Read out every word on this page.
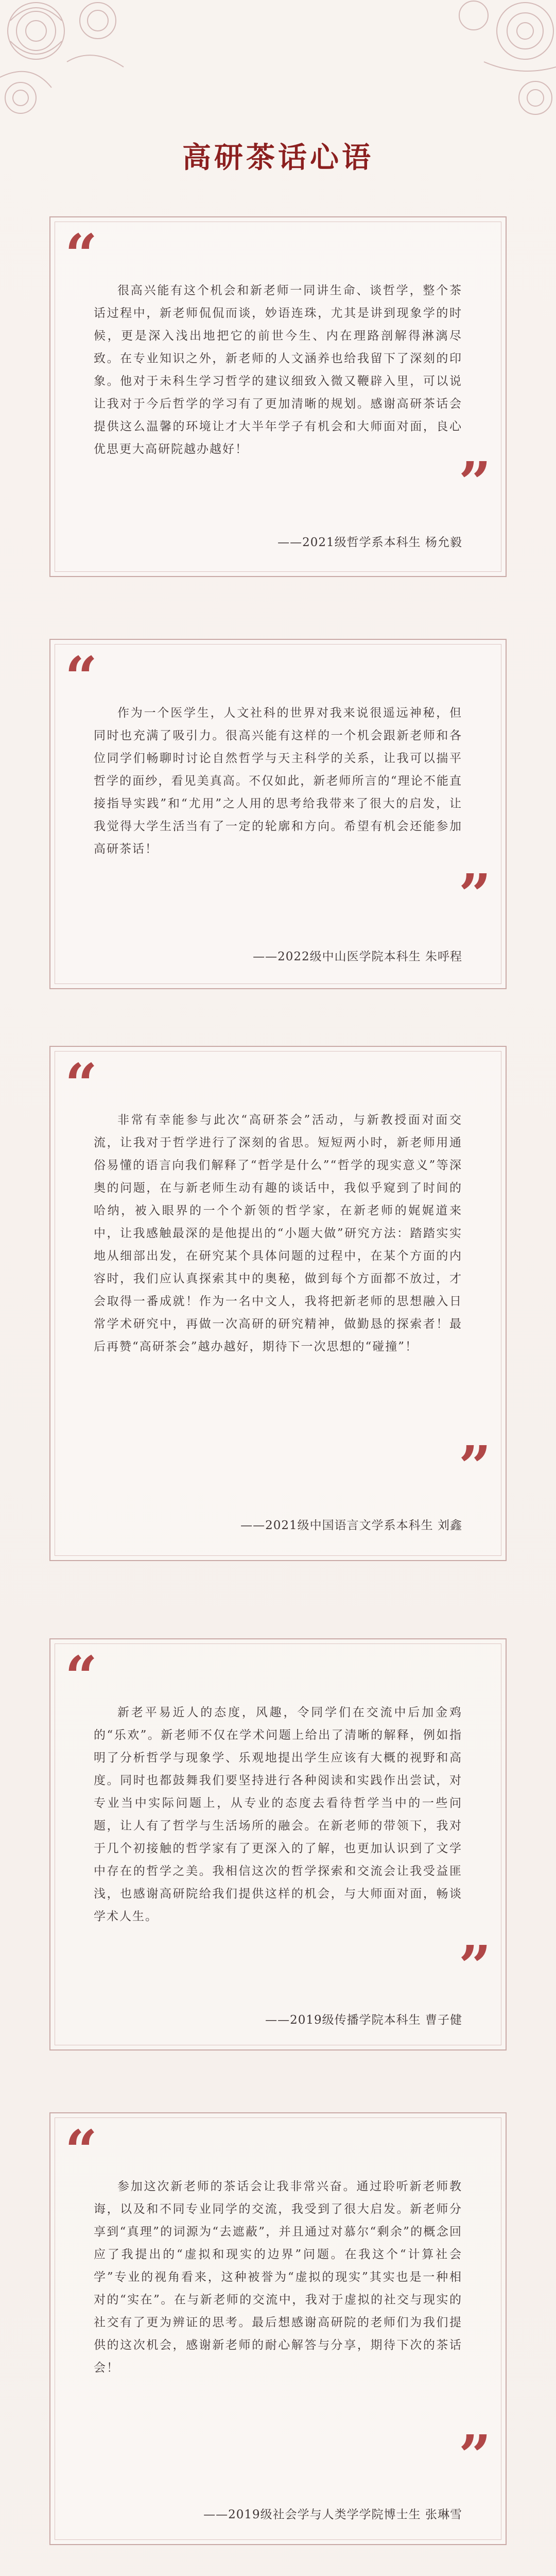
高研茶话心语
“
很高兴能有这个机会和新老师一同讲生命、谈哲学，整个茶话过程中，新老师侃侃而谈，妙语连珠，尤其是讲到现象学的时候，更是深入浅出地把它的前世今生、内在理路剖解得淋漓尽致。在专业知识之外，新老师的人文涵养也给我留下了深刻的印象。他对于未科生学习哲学的建议细致入微又鞭辟入里，可以说让我对于今后哲学的学习有了更加清晰的规划。感谢高研茶话会提供这么温馨的环境让才大半年学子有机会和大师面对面，良心优思更大高研院越办越好！	”
——2021级哲学系本科生 杨允毅
“
作为一个医学生，人文社科的世界对我来说很遥远神秘，但同时也充满了吸引力。很高兴能有这样的一个机会跟新老师和各位同学们畅聊时讨论自然哲学与天主科学的关系，让我可以揣平哲学的面纱，看见美真高。不仅如此，新老师所言的“理论不能直接指导实践”和“尤用”之人用的思考给我带来了很大的启发，让我觉得大学生活当有了一定的轮廓和方向。希望有机会还能参加高研茶话！
”
——2022级中山医学院本科生 朱呼程
“
非常有幸能参与此次“高研茶会”活动，与新教授面对面交流，让我对于哲学进行了深刻的省思。短短两小时，新老师用通俗易懂的语言向我们解释了“哲学是什么”“哲学的现实意义”等深奥的问题，在与新老师生动有趣的谈话中，我似乎窥到了时间的哈纳，被入眼界的一个个新领的哲学家，在新老师的娓娓道来中，让我感触最深的是他提出的“小题大做”研究方法：踏踏实实地从细部出发，在研究某个具体问题的过程中，在某个方面的内容时，我们应认真探索其中的奥秘，做到每个方面都不放过，才会取得一番成就！作为一名中文人，我将把新老师的思想融入日常学术研究中，再做一次高研的研究精神，做勤恳的探索者！最后再赞“高研茶会”越办越好，期待下一次思想的“碰撞”！
”
——2021级中国语言文学系本科生 刘鑫
“
新老平易近人的态度，风趣，令同学们在交流中后加金鸡的“乐欢”。新老师不仅在学术问题上给出了清晰的解释，例如指明了分析哲学与现象学、乐观地提出学生应该有大概的视野和高度。同时也都鼓舞我们要坚持进行各种阅读和实践作出尝试，对专业当中实际问题上，从专业的态度去看待哲学当中的一些问题，让人有了哲学与生活场所的融会。在新老师的带领下，我对于几个初接触的哲学家有了更深入的了解，也更加认识到了文学中存在的哲学之美。我相信这次的哲学探索和交流会让我受益匪浅，也感谢高研院给我们提供这样的机会，与大师面对面，畅谈学术人生。
”
——2019级传播学院本科生 曹子健
“
参加这次新老师的茶话会让我非常兴奋。通过聆听新老师教诲，以及和不同专业同学的交流，我受到了很大启发。新老师分享到“真理”的词源为“去遮蔽”，并且通过对慕尔“剩余”的概念回应了我提出的“虚拟和现实的边界”问题。在我这个“计算社会学”专业的视角看来，这种被誉为“虚拟的现实”其实也是一种相对的“实在”。在与新老师的交流中，我对于虚拟的社交与现实的社交有了更为辨证的思考。最后想感谢高研院的老师们为我们提供的这次机会，感谢新老师的耐心解答与分享，期待下次的茶话会！
”
——2019级社会学与人类学学院博士生 张琳雪
